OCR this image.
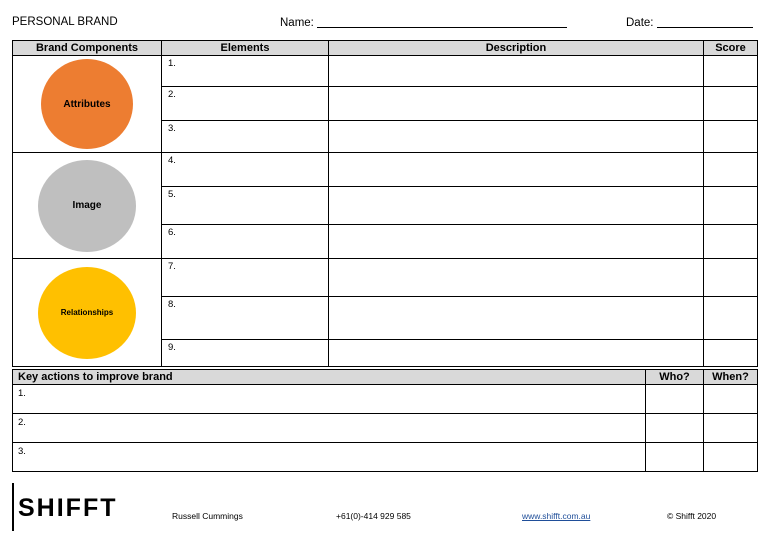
PERSONAL BRAND	Name:	Date:
Brand Components	Elements	Description	Score

Attributes	1.		
	2.		
	3.		

Image	4.		
	5.		
	6.		

Relationships	7.		
	8.		
	9.		
Key actions to improve brand	Who?	When?
1.		
2.		
3.		
SHIFFT	Russell Cummings	+61(0)-414 929 585	www.shifft.com.au	© Shifft 2020
